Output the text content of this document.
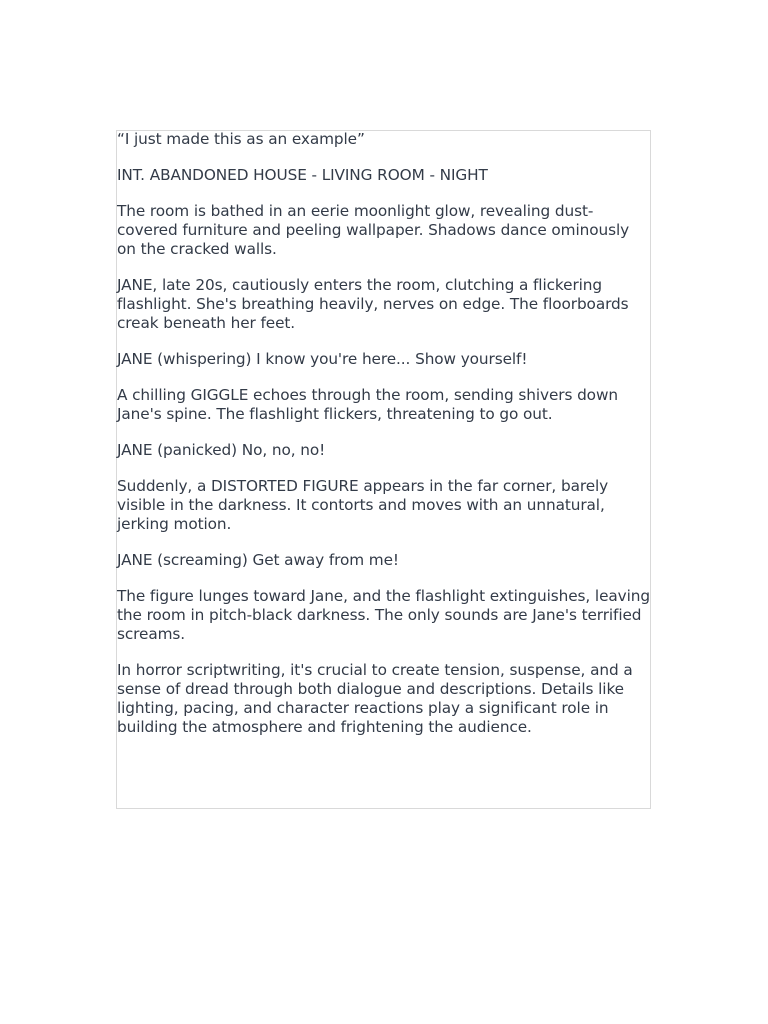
“I just made this as an example”

INT. ABANDONED HOUSE - LIVING ROOM - NIGHT

The room is bathed in an eerie moonlight glow, revealing dust-covered furniture and peeling wallpaper. Shadows dance ominously on the cracked walls.

JANE, late 20s, cautiously enters the room, clutching a flickering flashlight. She's breathing heavily, nerves on edge. The floorboards creak beneath her feet.

JANE (whispering) I know you're here... Show yourself!

A chilling GIGGLE echoes through the room, sending shivers down Jane's spine. The flashlight flickers, threatening to go out.

JANE (panicked) No, no, no!

Suddenly, a DISTORTED FIGURE appears in the far corner, barely visible in the darkness. It contorts and moves with an unnatural, jerking motion.

JANE (screaming) Get away from me!

The figure lunges toward Jane, and the flashlight extinguishes, leaving the room in pitch-black darkness. The only sounds are Jane's terrified screams.

In horror scriptwriting, it's crucial to create tension, suspense, and a sense of dread through both dialogue and descriptions. Details like lighting, pacing, and character reactions play a significant role in building the atmosphere and frightening the audience.
